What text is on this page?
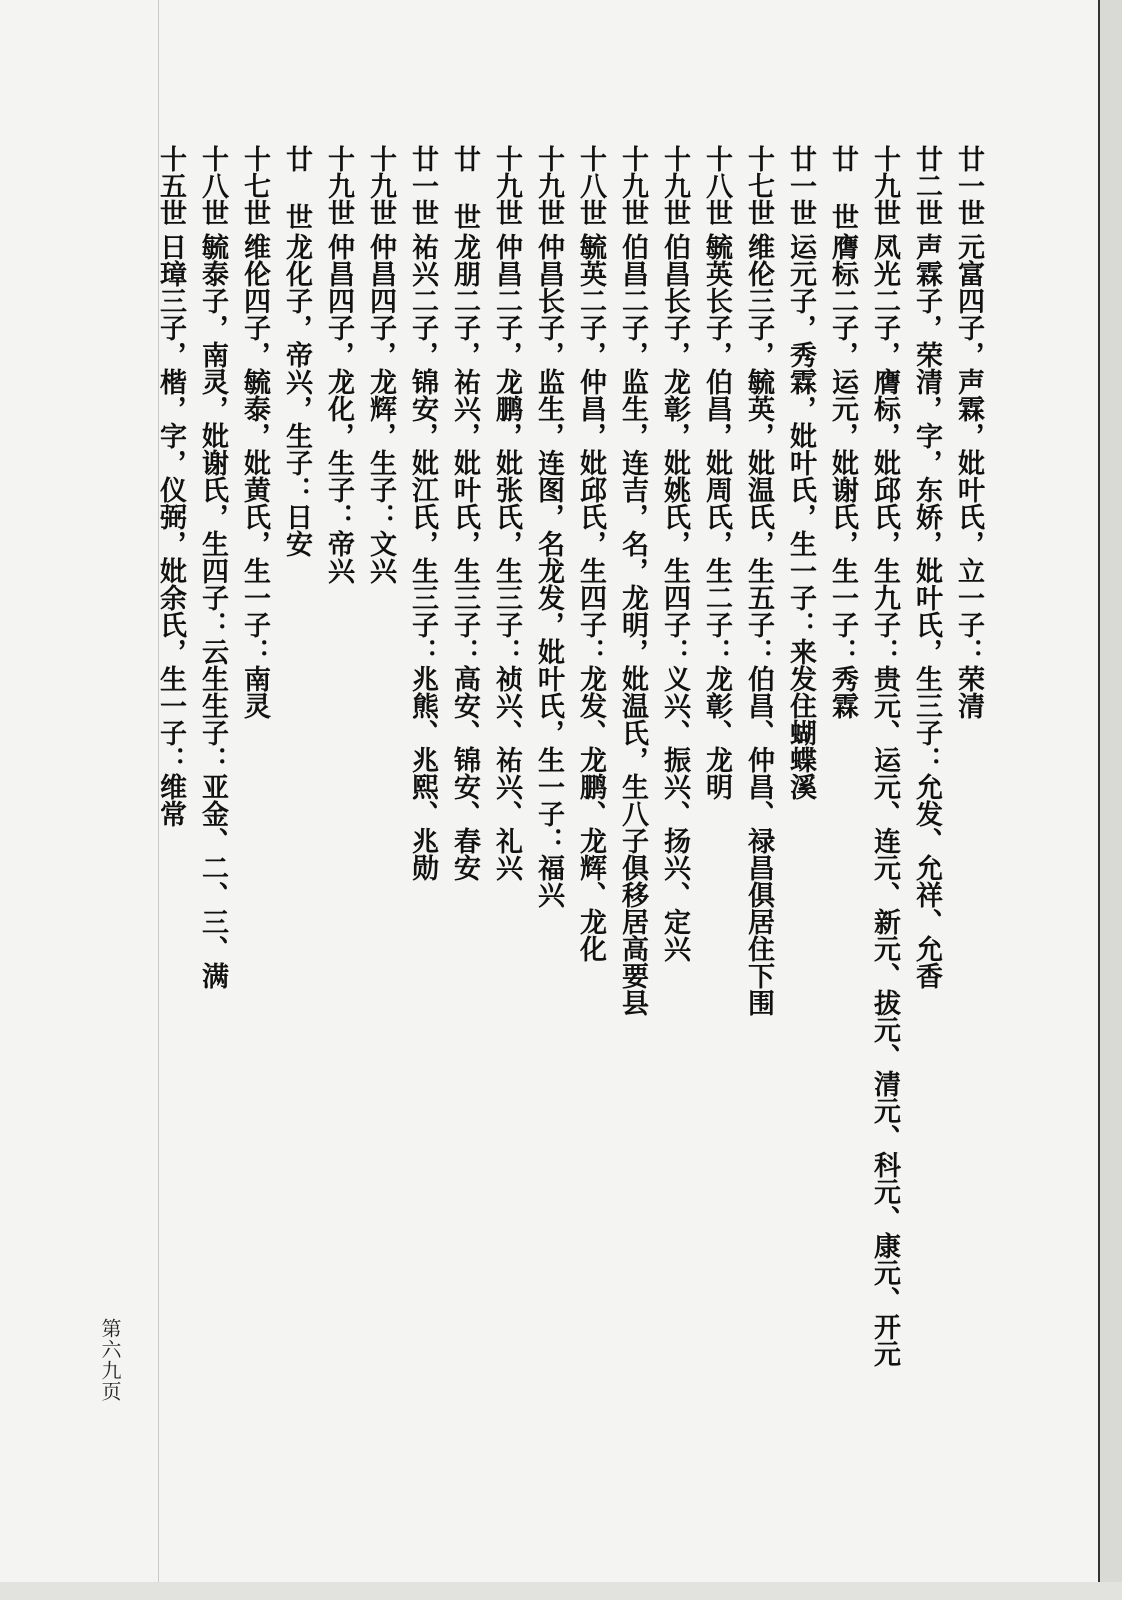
廿一世元富四子，声霖，妣叶氏，立一子：荣清
廿二世声霖子，荣清，字，东娇，妣叶氏，生三子：允发、允祥、允香
十九世凤光二子，膺标，妣邱氏，生九子：贵元、运元、连元、新元、拔元、清元、科元、康元、开元
廿 世膺标二子，运元，妣谢氏，生一子：秀霖
廿一世运元子，秀霖，妣叶氏，生一子：来发住蝴蝶溪
十七世维伦三子，毓英，妣温氏，生五子：伯昌、仲昌、禄昌俱居住下围
十八世毓英长子，伯昌，妣周氏，生二子：龙彰、龙明
十九世伯昌长子，龙彰，妣姚氏，生四子：义兴、振兴、扬兴、定兴
十九世伯昌二子，监生，连吉，名，龙明，妣温氏，生八子俱移居高要县
十八世毓英二子，仲昌，妣邱氏，生四子：龙发、龙鹏、龙辉、龙化
十九世仲昌长子，监生，连图，名龙发，妣叶氏，生一子：福兴
十九世仲昌二子，龙鹏，妣张氏，生三子：祯兴、祐兴、礼兴
廿 世龙朋二子，祐兴，妣叶氏，生三子：高安、锦安、春安
廿一世祐兴二子，锦安，妣江氏，生三子：兆熊、兆熙、兆勋
十九世仲昌四子，龙辉，生子：文兴
十九世仲昌四子，龙化，生子：帝兴
廿 世龙化子，帝兴，生子：日安
十七世维伦四子，毓泰，妣黄氏，生一子：南灵
十八世毓泰子，南灵，妣谢氏，生四子：云生生子：亚金、二、三、满
十五世日璋三子，楷，字，仪弼，妣余氏，生一子：维常
第六九页
